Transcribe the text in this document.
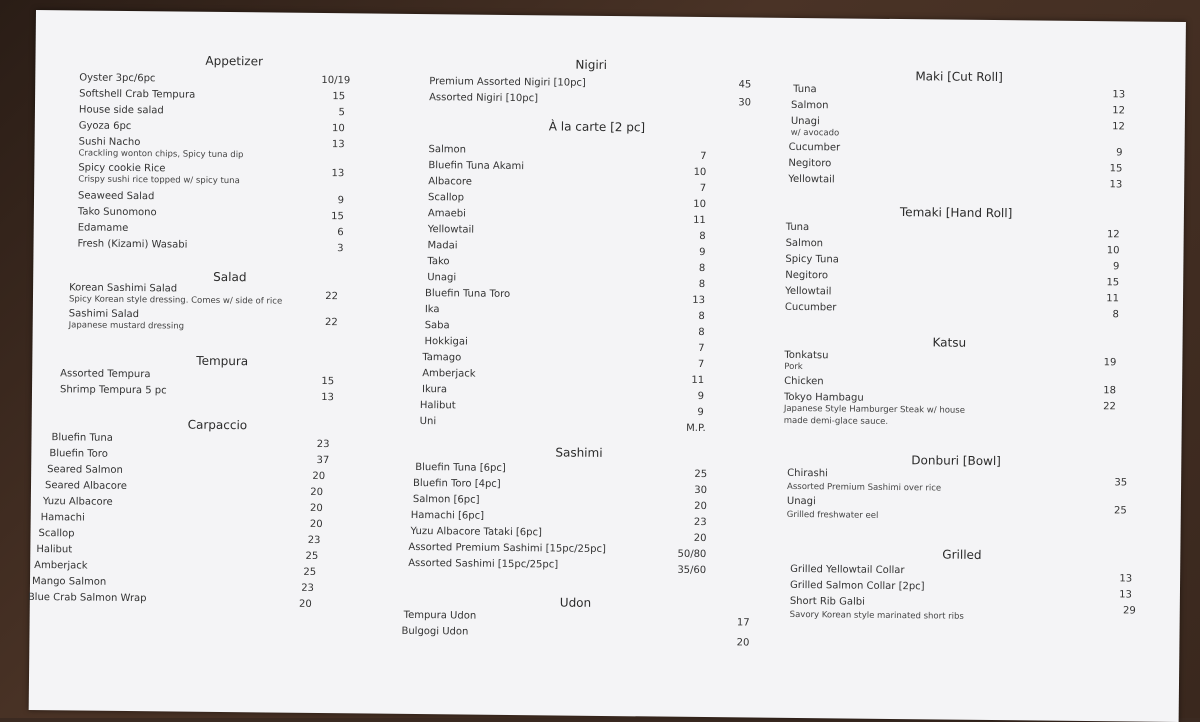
Appetizer
Oyster 3pc/6pc	10/19
Softshell Crab Tempura	15
House side salad	5
Gyoza 6pc	10
Sushi Nacho
Crackling wonton chips, Spicy tuna dip
13
Spicy cookie Rice
Crispy sushi rice topped w/ spicy tuna
13
Seaweed Salad	9
Tako Sunomono	15
Edamame	6
Fresh (Kizami) Wasabi	3
Salad
Korean Sashimi Salad
Spicy Korean style dressing. Comes w/ side of rice	22
Sashimi Salad
Japanese mustard dressing	22
Tempura
Assorted Tempura
15
Shrimp Tempura 5 pc
13
Carpaccio
Bluefin Tuna
23
Bluefin Toro
37
Seared Salmon
20
Seared Albacore
20
Yuzu Albacore
20
Hamachi
20
Scallop
23
Halibut
25
Amberjack
25
Mango Salmon
23
Blue Crab Salmon Wrap
20
Nigiri
Premium Assorted Nigiri [10pc]	45
Assorted Nigiri [10pc]	30
À la carte [2 pc]
Salmon
7
Bluefin Tuna Akami
10
Albacore
7
Scallop
10
Amaebi
11
Yellowtail
8
Madai
9
Tako
8
Unagi
8
Bluefin Tuna Toro
13
Ika
8
Saba
8
Hokkigai
7
Tamago
7
Amberjack
11
Ikura
9
Halibut
9
Uni
M.P.
Sashimi
Bluefin Tuna [6pc]
25
Bluefin Toro [4pc]
30
Salmon [6pc]
20
Hamachi [6pc]
23
Yuzu Albacore Tataki [6pc]
20
Assorted Premium Sashimi [15pc/25pc]	50/80
Assorted Sashimi [15pc/25pc]	35/60
Udon
Tempura Udon
17
Bulgogi Udon
20
Maki [Cut Roll]
Tuna	13
Salmon	12
Unagi
w/ avocado
12
Cucumber	9
Negitoro	15
Yellowtail	13
Temaki [Hand Roll]
Tuna
12
Salmon
10
Spicy Tuna
9
Negitoro
15
Yellowtail
11
Cucumber
8
Katsu
Tonkatsu
Pork	19
Chicken
18
Tokyo Hambagu
Japanese Style Hamburger Steak w/ house
made demi-glace sauce.
22
Donburi [Bowl]
Chirashi
Assorted Premium Sashimi over rice	35
Unagi
Grilled freshwater eel	25
Grilled
Grilled Yellowtail Collar
13
Grilled Salmon Collar [2pc]
13
Short Rib Galbi
Savory Korean style marinated short ribs	29
